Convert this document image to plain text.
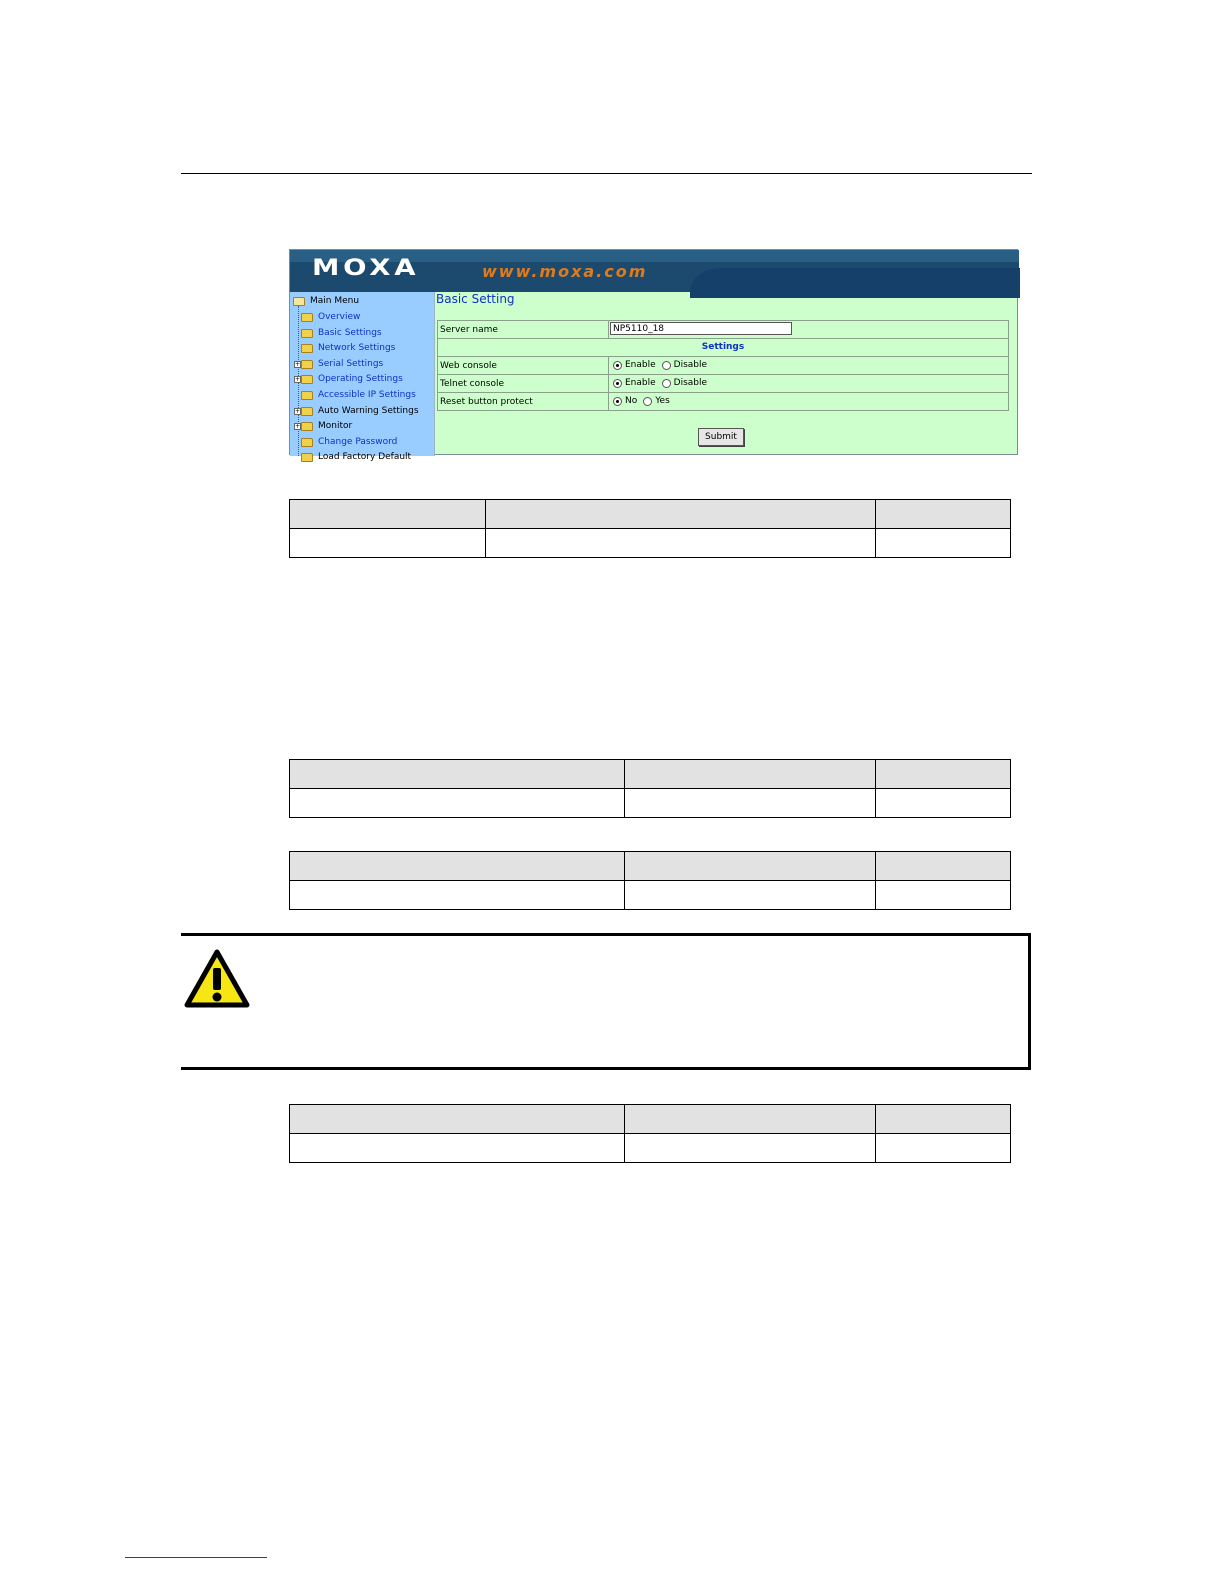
MOXA	www.moxa.com
Main Menu
Overview
Basic Settings
Network Settings
+ Serial Settings
+ Operating Settings
Accessible IP Settings
+ Auto Warning Settings
+ Monitor
Change Password
Load Factory Default
Basic Setting
Server name	NP5110_18
Settings
Web console	Enable Disable
Telnet console	Enable Disable
Reset button protect	No Yes
Submit
